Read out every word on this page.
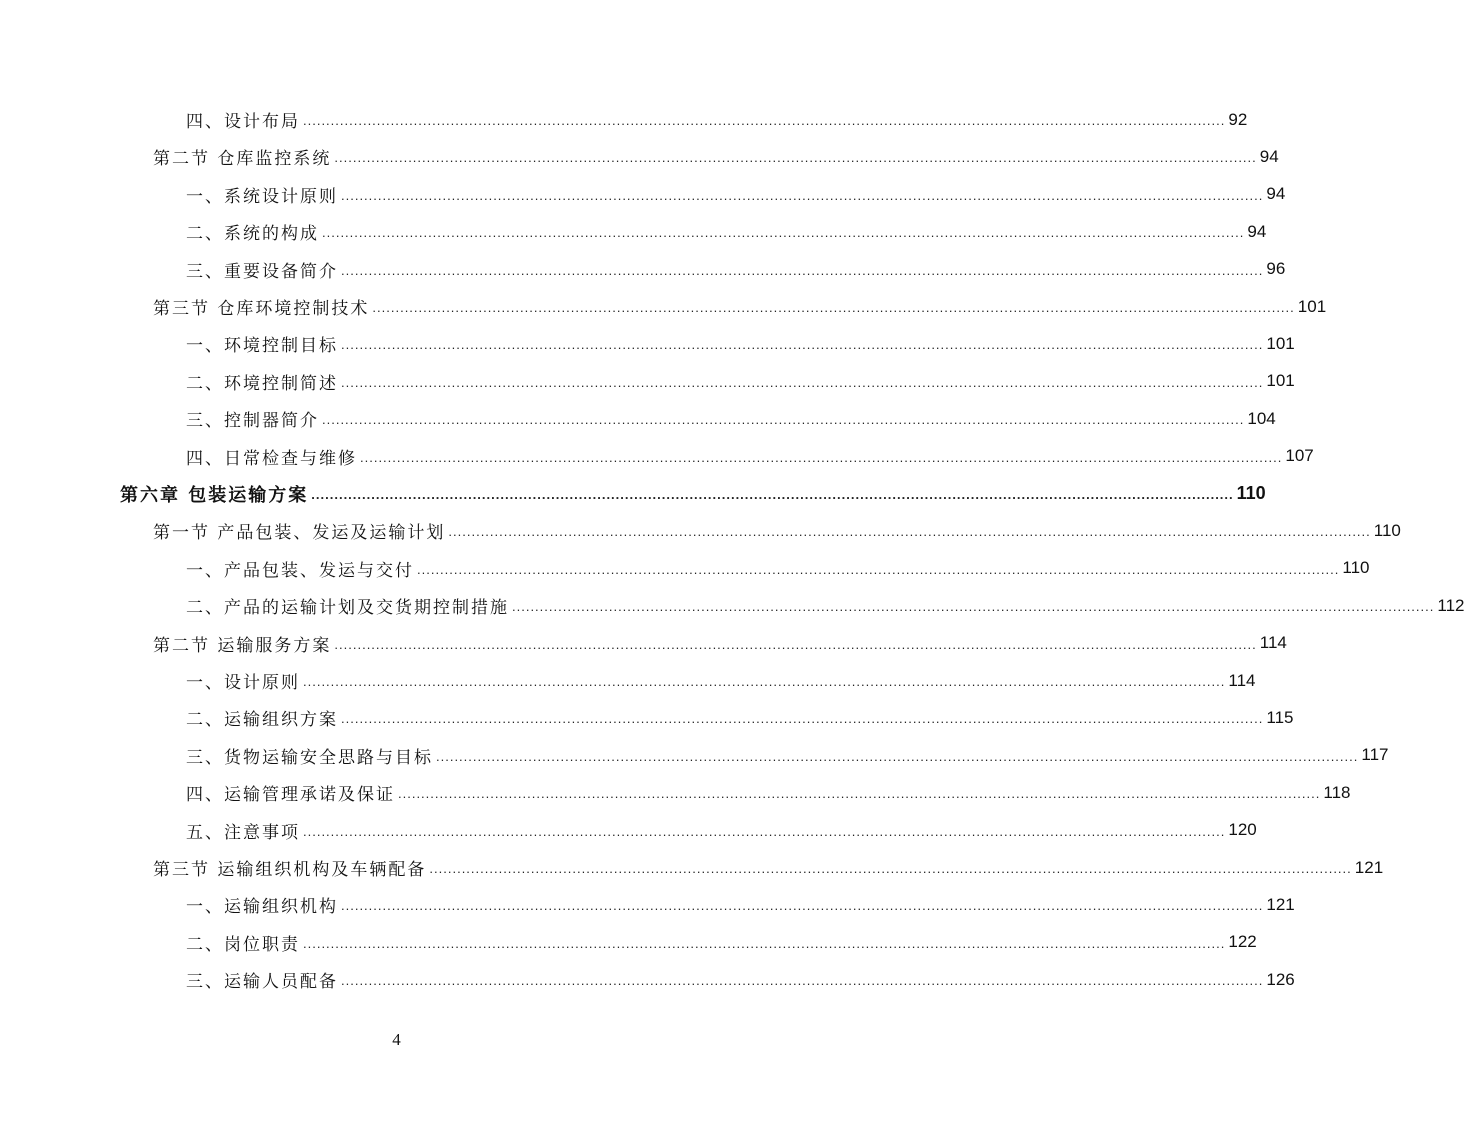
四、设计布局 ........................................................................................................................................................................................................ 92
第二节 仓库监控系统 ........................................................................................................................................................................................................ 94
一、系统设计原则 ........................................................................................................................................................................................................ 94
二、系统的构成 ........................................................................................................................................................................................................ 94
三、重要设备简介 ........................................................................................................................................................................................................ 96
第三节 仓库环境控制技术 ........................................................................................................................................................................................................ 101
一、环境控制目标 ........................................................................................................................................................................................................ 101
二、环境控制简述 ........................................................................................................................................................................................................ 101
三、控制器简介 ........................................................................................................................................................................................................ 104
四、日常检查与维修 ........................................................................................................................................................................................................ 107
第六章 包装运输方案 ........................................................................................................................................................................................................ 110
第一节 产品包装、发运及运输计划 ........................................................................................................................................................................................................ 110
一、产品包装、发运与交付 ........................................................................................................................................................................................................ 110
二、产品的运输计划及交货期控制措施 ........................................................................................................................................................................................................ 112
第二节 运输服务方案 ........................................................................................................................................................................................................ 114
一、设计原则 ........................................................................................................................................................................................................ 114
二、运输组织方案 ........................................................................................................................................................................................................ 115
三、货物运输安全思路与目标 ........................................................................................................................................................................................................ 117
四、运输管理承诺及保证 ........................................................................................................................................................................................................ 118
五、注意事项 ........................................................................................................................................................................................................ 120
第三节 运输组织机构及车辆配备 ........................................................................................................................................................................................................ 121
一、运输组织机构 ........................................................................................................................................................................................................ 121
二、岗位职责 ........................................................................................................................................................................................................ 122
三、运输人员配备 ........................................................................................................................................................................................................ 126
4
